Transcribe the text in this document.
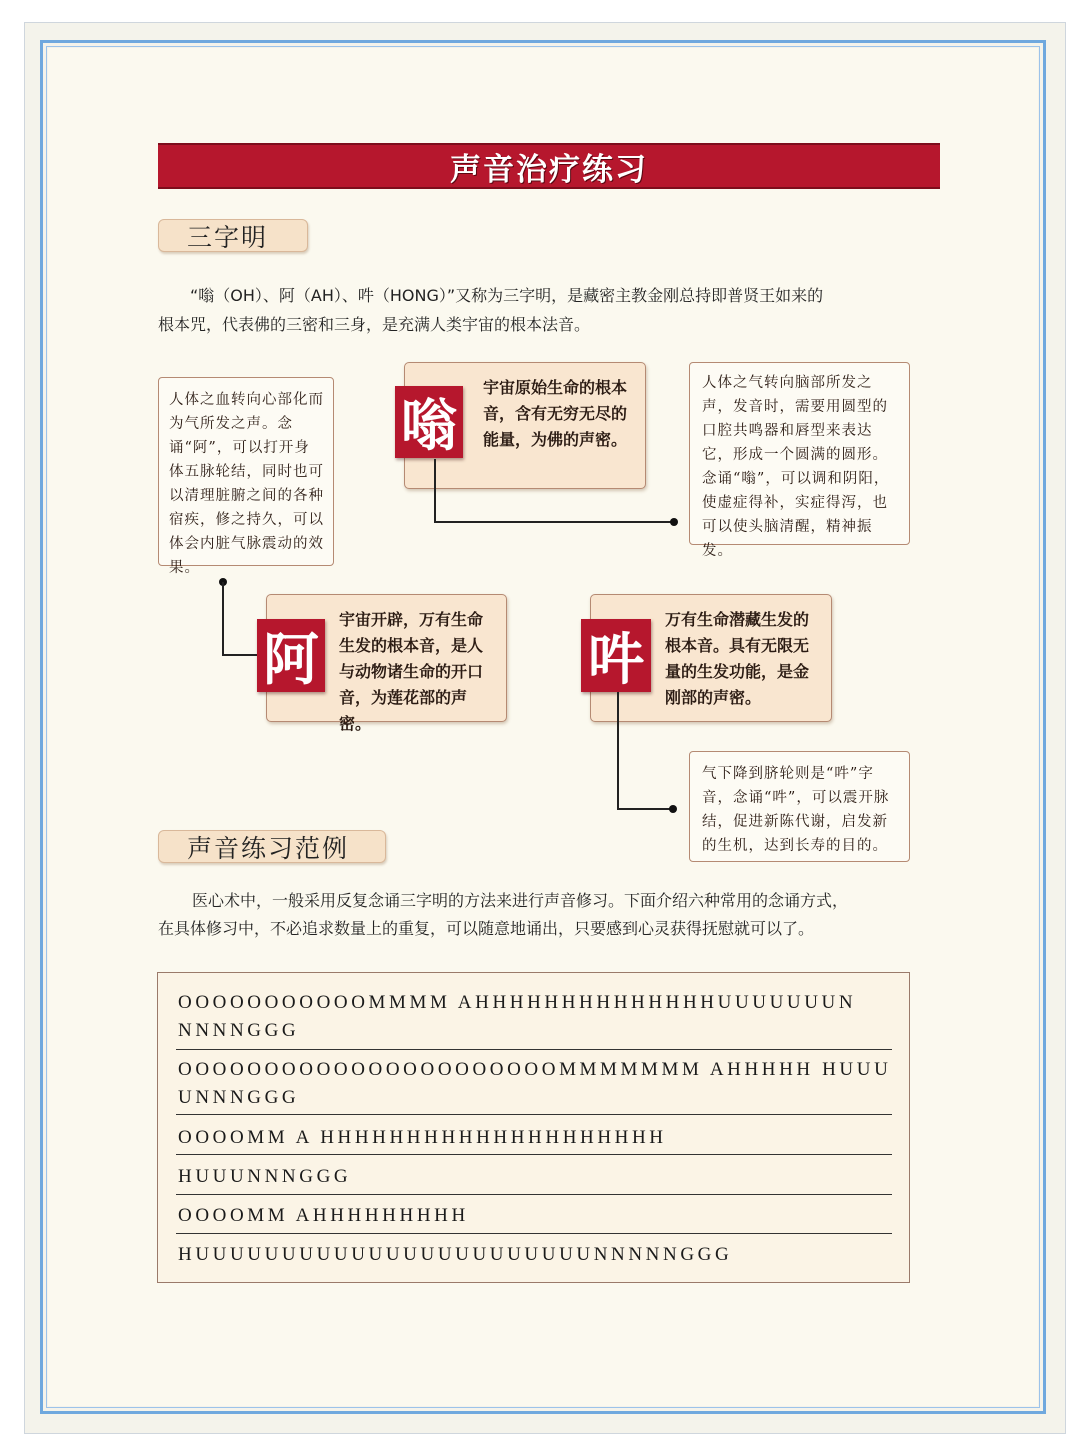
声音治疗练习
三字明

“嗡（OH）、阿（AH）、吽（HONG）”又称为三字明，是藏密主教金刚总持即普贤王如来的

根本咒，代表佛的三密和三身，是充满人类宇宙的根本法音。

人体之血转向心部化而为气所发之声。念诵“阿”，可以打开身体五脉轮结，同时也可以清理脏腑之间的各种宿疾，修之持久，可以体会内脏气脉震动的效果。
宇宙原始生命的根本音，含有无穷无尽的能量，为佛的声密。
嗡
人体之气转向脑部所发之声，发音时，需要用圆型的口腔共鸣器和唇型来表达它，形成一个圆满的圆形。念诵“嗡”，可以调和阴阳，使虚症得补，实症得泻，也可以使头脑清醒，精神振发。
宇宙开辟，万有生命生发的根本音，是人与动物诸生命的开口音，为莲花部的声密。
阿
万有生命潜藏生发的根本音。具有无限无量的生发功能，是金刚部的声密。
吽
气下降到脐轮则是“吽”字音，念诵“吽”，可以震开脉结，促进新陈代谢，启发新的生机，达到长寿的目的。
声音练习范例

医心术中，一般采用反复念诵三字明的方法来进行声音修习。下面介绍六种常用的念诵方式，

在具体修习中，不必追求数量上的重复，可以随意地诵出，只要感到心灵获得抚慰就可以了。

OOOOOOOOOOOMMMM AHHHHHHHHHHHHHHUUUUUUUN

NNNNGGG

OOOOOOOOOOOOOOOOOOOOOOMMMMMMM AHHHHH HUUU

UNNNGGG

OOOOMM A HHHHHHHHHHHHHHHHHHHH

HUUUNNNGGG

OOOOMM AHHHHHHHHH

HUUUUUUUUUUUUUUUUUUUUUUUNNNNNGGG
